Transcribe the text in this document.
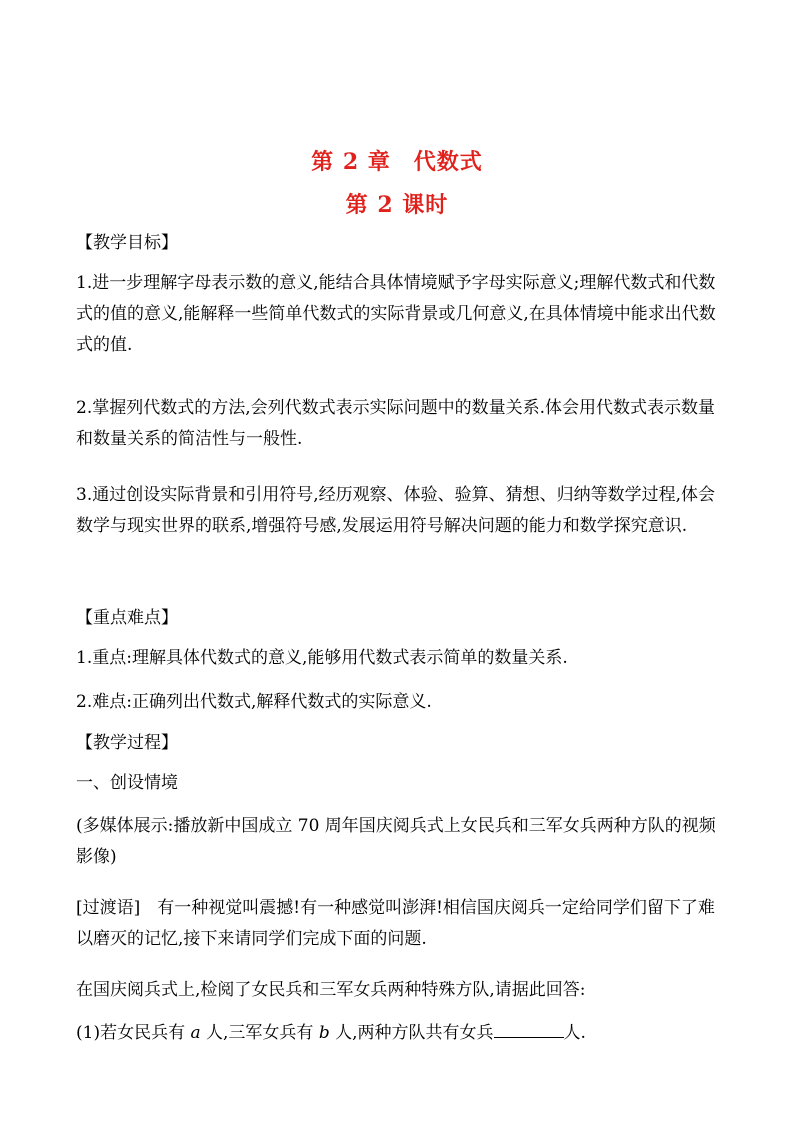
第 2 章　代数式
第 2 课时
【教学目标】
1.进一步理解字母表示数的意义,能结合具体情境赋予字母实际意义;理解代数式和代数式的值的意义,能解释一些简单代数式的实际背景或几何意义,在具体情境中能求出代数式的值.
2.掌握列代数式的方法,会列代数式表示实际问题中的数量关系.体会用代数式表示数量和数量关系的简洁性与一般性.
3.通过创设实际背景和引用符号,经历观察、体验、验算、猜想、归纳等数学过程,体会数学与现实世界的联系,增强符号感,发展运用符号解决问题的能力和数学探究意识.
【重点难点】
1.重点:理解具体代数式的意义,能够用代数式表示简单的数量关系.
2.难点:正确列出代数式,解释代数式的实际意义.
【教学过程】
一、创设情境
(多媒体展示:播放新中国成立 70 周年国庆阅兵式上女民兵和三军女兵两种方队的视频影像)
[过渡语]　有一种视觉叫震撼!有一种感觉叫澎湃!相信国庆阅兵一定给同学们留下了难以磨灭的记忆,接下来请同学们完成下面的问题.
在国庆阅兵式上,检阅了女民兵和三军女兵两种特殊方队,请据此回答:
(1)若女民兵有 a 人,三军女兵有 b 人,两种方队共有女兵	人.
